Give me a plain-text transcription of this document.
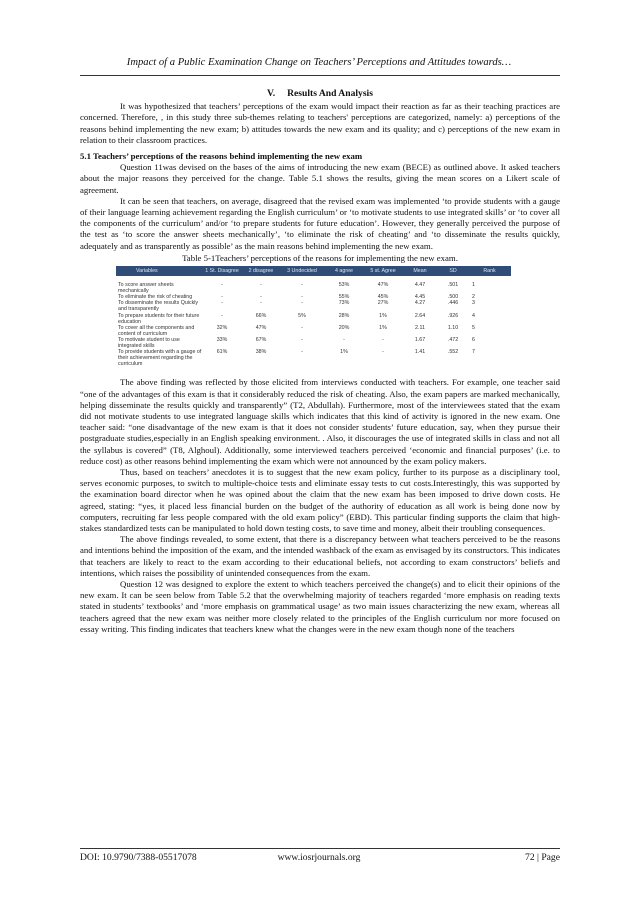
Impact of a Public Examination Change on Teachers’ Perceptions and Attitudes towards…

V.     Results And Analysis

It was hypothesized that teachers’ perceptions of the exam would impact their reaction as far as their teaching practices are concerned. Therefore, , in this study three sub-themes relating to teachers' perceptions are categorized, namely: a) perceptions of the reasons behind implementing the new exam; b) attitudes towards the new exam and its quality; and c) perceptions of the new exam in relation to their classroom practices.

5.1 Teachers’ perceptions of the reasons behind implementing the new exam

Question 11was devised on the bases of the aims of introducing the new exam (BECE) as outlined above. It asked teachers about the major reasons they perceived for the change. Table 5.1 shows the results, giving the mean scores on a Likert scale of agreement.

It can be seen that teachers, on average, disagreed that the revised exam was implemented ‘to provide students with a gauge of their language learning achievement regarding the English curriculum’ or ‘to motivate students to use integrated skills’ or ‘to cover all the components of the curriculum’ and/or ‘to prepare students for future education’. However, they generally perceived the purpose of the test as ‘to score the answer sheets mechanically’, ‘to eliminate the risk of cheating’ and ‘to disseminate the results quickly, adequately and as transparently as possible’ as the main reasons behind implementing the new exam.

Table 5-1Teachers’ perceptions of the reasons for implementing the new exam.

Variables	1 St. Disagree	2 disagree	3 Undecided	4 agree	5 st. Agree	Mean	SD	Rank
To score answer sheets mechanically	-	-	-	53%	47%	4.47	.501	1
To eliminate the risk of cheating	-	-	-	55%	45%	4.45	.500	2
To disseminate the results Quickly and transparently	-	-	-	73%	27%	4.27	.446	3
To prepare students for their future education	-	66%	5%	28%	1%	2.64	.926	4
To cover all the components and content of curriculum	32%	47%	-	20%	1%	2.11	1.10	5
To motivate student to use integrated skills	33%	67%	-	-	-	1.67	.472	6
To provide students with a gauge of their achievement regarding the curriculum	61%	38%	-	1%	-	1.41	.552	7

The above finding was reflected by those elicited from interviews conducted with teachers. For example, one teacher said “one of the advantages of this exam is that it considerably reduced the risk of cheating. Also, the exam papers are marked mechanically, helping disseminate the results quickly and transparently” (T2, Abdullah). Furthermore, most of the interviewees stated that the exam did not motivate students to use integrated language skills which indicates that this kind of activity is ignored in the new exam. One teacher said: “one disadvantage of the new exam is that it does not consider students’ future education, say, when they pursue their postgraduate studies,especially in an English speaking environment. . Also, it discourages the use of integrated skills in class and not all the syllabus is covered” (T8, Alghoul). Additionally, some interviewed teachers perceived ‘economic and financial purposes’ (i.e. to reduce cost) as other reasons behind implementing the exam which were not announced by the exam policy makers.

Thus, based on teachers’ anecdotes it is to suggest that the new exam policy, further to its purpose as a disciplinary tool, serves economic purposes, to switch to multiple-choice tests and eliminate essay tests to cut costs.Interestingly, this was supported by the examination board director when he was opined about the claim that the new exam has been imposed to drive down costs. He agreed, stating: “yes, it placed less financial burden on the budget of the authority of education as all work is being done now by computers, recruiting far less people compared with the old exam policy” (EBD). This particular finding supports the claim that high-stakes standardized tests can be manipulated to hold down testing costs, to save time and money, albeit their troubling consequences.

The above findings revealed, to some extent, that there is a discrepancy between what teachers perceived to be the reasons and intentions behind the imposition of the exam, and the intended washback of the exam as envisaged by its constructors. This indicates that teachers are likely to react to the exam according to their educational beliefs, not according to exam constructors’ beliefs and intentions, which raises the possibility of unintended consequences from the exam.

Question 12 was designed to explore the extent to which teachers perceived the change(s) and to elicit their opinions of the new exam. It can be seen below from Table 5.2 that the overwhelming majority of teachers regarded ‘more emphasis on reading texts stated in students’ textbooks’ and ‘more emphasis on grammatical usage’ as two main issues characterizing the new exam, whereas all teachers agreed that the new exam was neither more closely related to the principles of the English curriculum nor more focused on essay writing. This finding indicates that teachers knew what the changes were in the new exam though none of the teachers

DOI: 10.9790/7388-05517078	www.iosrjournals.org	72 | Page
